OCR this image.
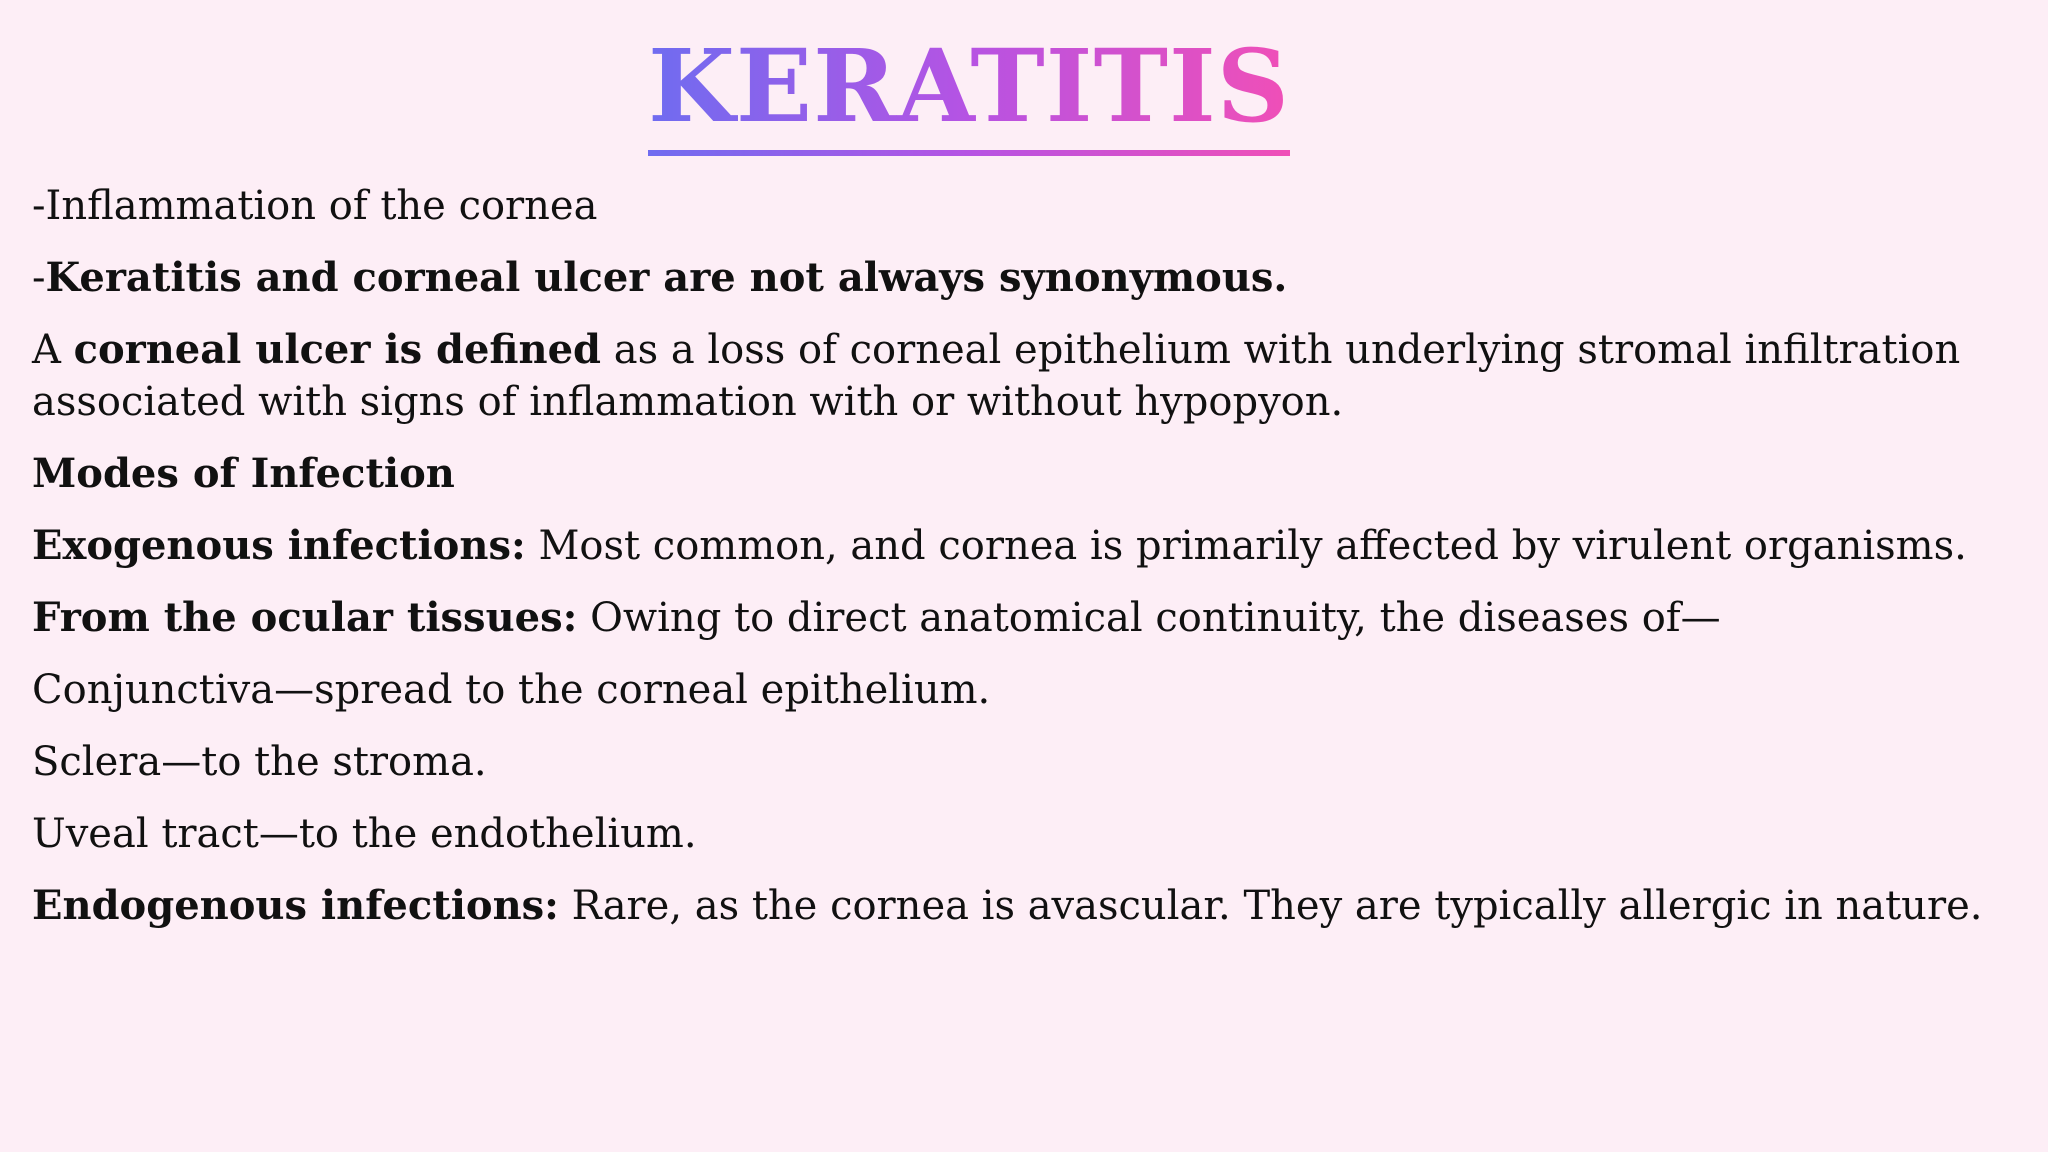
KERATITIS

-Inflammation of the cornea

-Keratitis and corneal ulcer are not always synonymous.

A corneal ulcer is defined as a loss of corneal epithelium with underlying stromal infiltration associated with signs of inflammation with or without hypopyon.

Modes of Infection

Exogenous infections: Most common, and cornea is primarily affected by virulent organisms.

From the ocular tissues: Owing to direct anatomical continuity, the diseases of—

Conjunctiva—spread to the corneal epithelium.

Sclera—to the stroma.

Uveal tract—to the endothelium.

Endogenous infections: Rare, as the cornea is avascular. They are typically allergic in nature.
